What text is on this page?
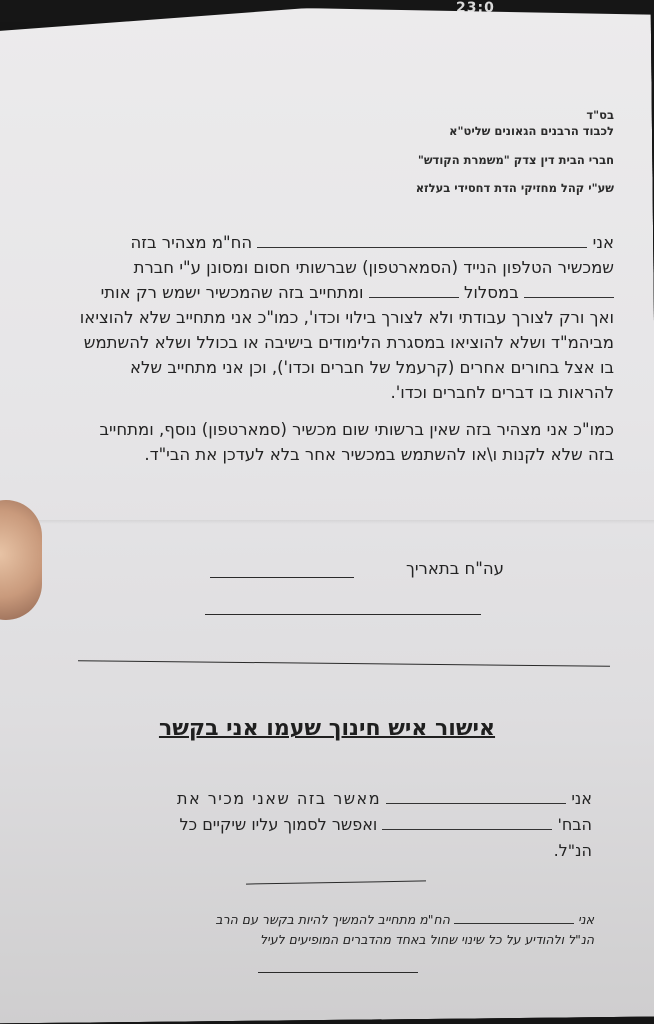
23:0
בס"ד
לכבוד הרבנים הגאונים שליט"א
חברי הבית דין צדק "משמרת הקודש"
שע"י קהל מחזיקי הדת דחסידי בעלזא

אני  הח"מ מצהיר בזה שמכשיר הטלפון הנייד (הסמארטפון) שברשותי חסום ומסונן ע"י חברת  במסלול  ומתחייב בזה שהמכשיר ישמש רק אותי ואך ורק לצורך עבודתי ולא לצורך בילוי וכדו', כמו"כ אני מתחייב שלא להוציאו מביהמ"ד ושלא להוציאו במסגרת הלימודים בישיבה או בכולל ושלא להשתמש בו אצל בחורים אחרים (קרעמל של חברים וכדו'), וכן אני מתחייב שלא להראות בו דברים לחברים וכדו'.

כמו"כ אני מצהיר בזה שאין ברשותי שום מכשיר (סמארטפון) נוסף, ומתחייב בזה שלא לקנות ו\או להשתמש במכשיר אחר בלא לעדכן את הבי"ד.

עה"ח בתאריך
אישור איש חינוך שעמו אני בקשר
אני  מאשר בזה שאני מכיר את
הבח'  ואפשר לסמוך עליו שיקיים כל
הנ"ל.
אני  הח"מ מתחייב להמשיך להיות בקשר עם הרב
הנ"ל ולהודיע על כל שינוי שחול באחד מהדברים המופיעים לעיל
